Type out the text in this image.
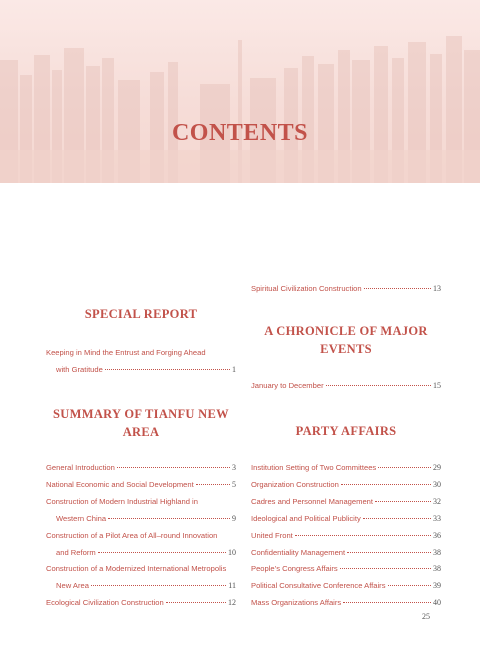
CONTENTS
SPECIAL REPORT
Keeping in Mind the Entrust and Forging Ahead
with Gratitude	1
SUMMARY OF TIANFU NEW
AREA
General Introduction	3
National Economic and Social Development	5
Construction of Modern Industrial Highland in
Western China	9
Construction of a Pilot Area of All–round Innovation
and Reform	10
Construction of a Modernized International Metropolis
New Area	11
Ecological Civilization Construction	12
Spiritual Civilization Construction	13
A CHRONICLE OF MAJOR
EVENTS
January to December	15
PARTY AFFAIRS
Institution Setting of Two Committees	29
Organization Construction	30
Cadres and Personnel Management	32
Ideological and Political Publicity	33
United Front	36
Confidentiality Management	38
People’s Congress Affairs	38
Political Consultative Conference Affairs	39
Mass Organizations Affairs	40
25
